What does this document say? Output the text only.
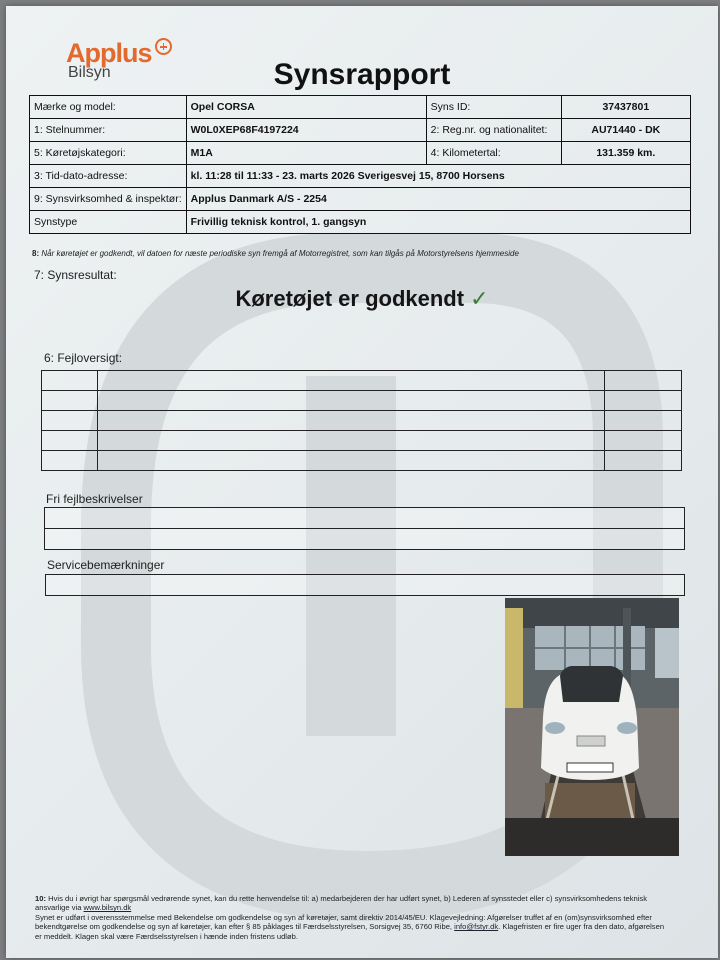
Applus
Bilsyn	Synsrapport
Mærke og model:	Opel CORSA	Syns ID:	37437801
1: Stelnummer:	W0L0XEP68F4197224	2: Reg.nr. og nationalitet:	AU71440 - DK
5: Køretøjskategori:	M1A	4: Kilometertal:	131.359 km.
3: Tid-dato-adresse:	kl. 11:28 til 11:33 - 23. marts 2026 Sverigesvej 15, 8700 Horsens		
9: Synsvirksomhed & inspektør:	Applus Danmark A/S - 2254		
Synstype	Frivillig teknisk kontrol, 1. gangsyn		
8: Når køretøjet er godkendt, vil datoen for næste periodiske syn fremgå af Motorregistret, som kan tilgås på Motorstyrelsens hjemmeside
7: Synsresultat:
Køretøjet er godkendt ✓
6: Fejloversigt:

Fri fejlbeskrivelser
Servicebemærkninger
10: Hvis du i øvrigt har spørgsmål vedrørende synet, kan du rette henvendelse til: a) medarbejderen der har udført synet, b) Lederen af synsstedet eller c) synsvirksomhedens teknisk
ansvarlige via www.bilsyn.dk
Synet er udført i overensstemmelse med Bekendelse om godkendelse og syn af køretøjer, samt direktiv 2014/45/EU. Klagevejledning: Afgørelser truffet af en (om)synsvirksomhed efter
bekendtgørelse om godkendelse og syn af køretøjer, kan efter § 85 påklages til Færdselsstyrelsen, Sorsigvej 35, 6760 Ribe, info@fstyr.dk. Klagefristen er fire uger fra den dato, afgørelsen
er meddelt. Klagen skal være Færdselsstyrelsen i hænde inden fristens udløb.
